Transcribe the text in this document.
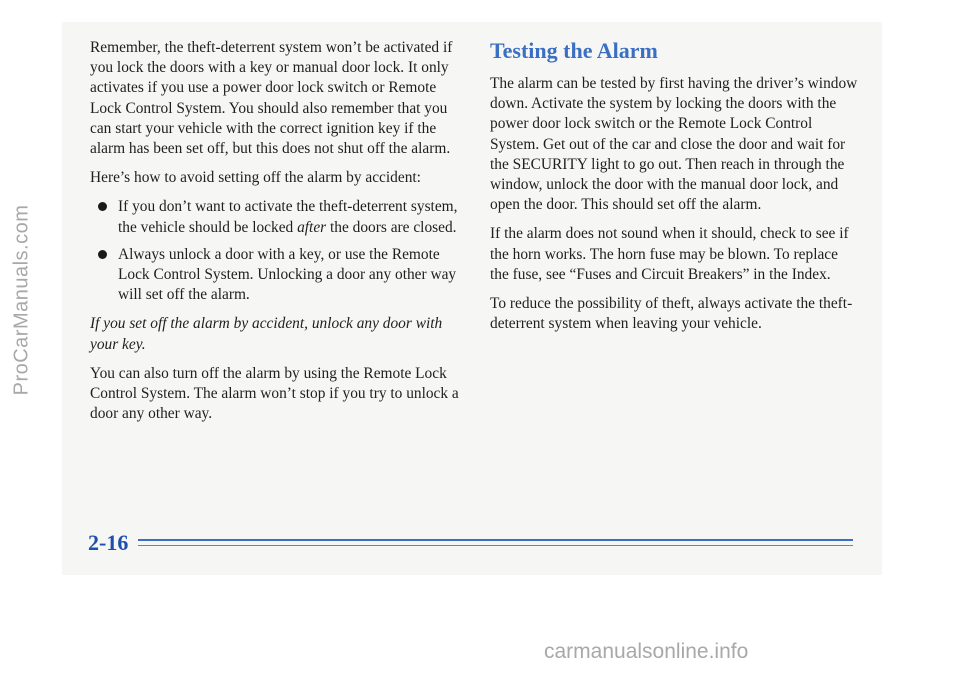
Remember, the theft-deterrent system won’t be activated if you lock the doors with a key or manual door lock. It only activates if you use a power door lock switch or Remote Lock Control System. You should also remember that you can start your vehicle with the correct ignition key if the alarm has been set off, but this does not shut off the alarm.

Here’s how to avoid setting off the alarm by accident:

If you don’t want to activate the theft-deterrent system, the vehicle should be locked after the doors are closed.
Always unlock a door with a key, or use the Remote Lock Control System. Unlocking a door any other way will set off the alarm.

If you set off the alarm by accident, unlock any door with your key.

You can also turn off the alarm by using the Remote Lock Control System. The alarm won’t stop if you try to unlock a door any other way.

Testing the Alarm

The alarm can be tested by first having the driver’s window down. Activate the system by locking the doors with the power door lock switch or the Remote Lock Control System. Get out of the car and close the door and wait for the SECURITY light to go out. Then reach in through the window, unlock the door with the manual door lock, and open the door. This should set off the alarm.

If the alarm does not sound when it should, check to see if the horn works. The horn fuse may be blown. To replace the fuse, see “Fuses and Circuit Breakers” in the Index.

To reduce the possibility of theft, always activate the theft-deterrent system when leaving your vehicle.

2-16
ProCarManuals.com
carmanualsonline.info
